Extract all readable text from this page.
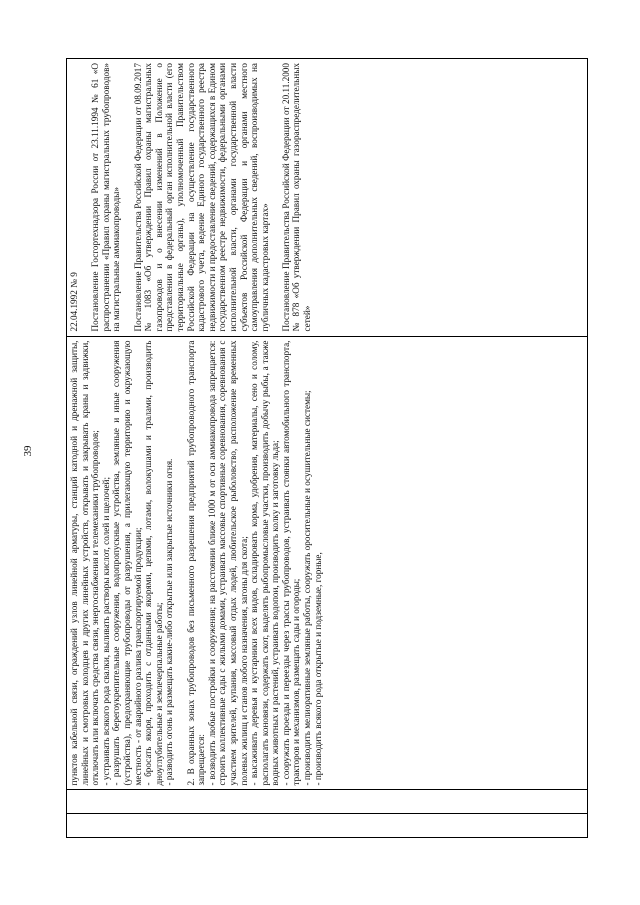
39
			пунктов кабельной связи, ограждений узлов линейной арматуры, станций катодной и дренажной защиты, линейных и смотровых колодцев и других линейных устройств, открывать и закрывать краны и задвижки, отключать или включать средства связи, энергоснабжения и телемеханики трубопроводов; - устраивать всякого рода свалки, выливать растворы кислот, солей и щелочей; - разрушать берегоукрепительные сооружения, водопропускные устройства, земляные и иные сооружения (устройства), предохраняющие трубопроводы от разрушения, а прилегающую территорию и окружающую местность - от аварийного разлива транспортируемой продукции; - бросать якоря, проходить с отданными якорями, цепями, лотами, волокушами и тралами, производить дноуглубительные и землечерпальные работы; - разводить огонь и размещать какие-либо открытые или закрытые источники огня. 2. В охранных зонах трубопроводов без письменного разрешения предприятий трубопроводного транспорта запрещается: - возводить любые постройки и сооружения; на расстоянии ближе 1000 м от оси аммиакопровода запрещается: строить коллективные сады с жилыми домами, устраивать массовые спортивные соревнования, соревнования с участием зрителей, купания, массовый отдых людей, любительское рыболовство, расположение временных полевых жилищ и станов любого назначения, загоны для скота; - высаживать деревья и кустарники всех видов, складировать корма, удобрения, материалы, сено и солому, располагать коновязи, содержать скот, выделять рыбопромысловые участки, производить добычу рыбы, а также водных животных и растений, устраивать водопои, производить колку и заготовку льда; - сооружать проезды и переезды через трассы трубопроводов, устраивать стоянки автомобильного транспорта, тракторов и механизмов, размещать сады и огороды; - производить мелиоративные земляные работы, сооружать оросительные и осушительные системы; - производить всякого рода открытые и подземные, горные,

22.04.1992 № 9 Постановление Госгортехнадзора России от 23.11.1994 № 61 «О распространении «Правил охраны магистральных трубопроводов» на магистральные аммиакопроводы» Постановление Правительства Российской Федерации от 08.09.2017 № 1083 «Об утверждении Правил охраны магистральных газопроводов и о внесении изменений в Положение о представлении в федеральный орган исполнительной власти (его территориальные органы), уполномоченный Правительством Российской Федерации на осуществление государственного кадастрового учета, ведение Единого государственного реестра недвижимости и предоставление сведений, содержащихся в Едином государственном реестре недвижимости, федеральными органами исполнительной власти, органами государственной власти субъектов Российской Федерации и органами местного самоуправления дополнительных сведений, воспроизводимых на публичных кадастровых картах» Постановление Правительства Российской Федерации от 20.11.2000 № 878 «Об утверждении Правил охраны газораспределительных сетей»
